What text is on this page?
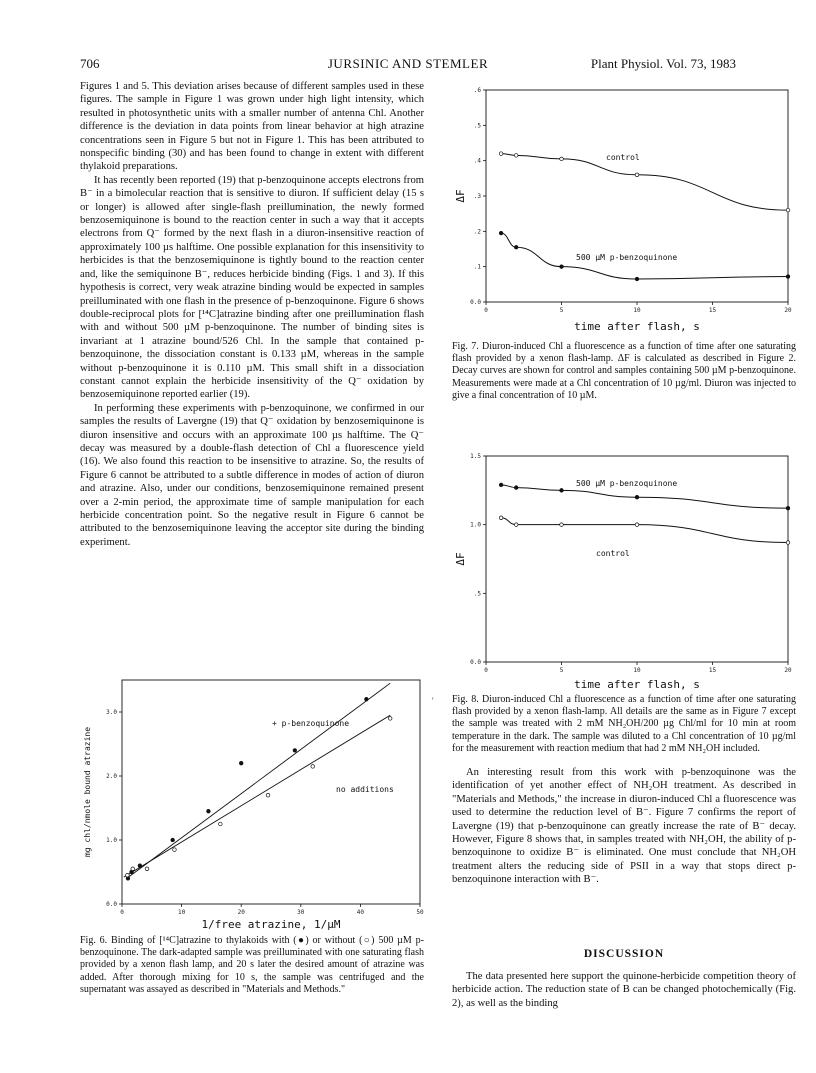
706	JURSINIC AND STEMLER	Plant Physiol. Vol. 73, 1983

Figures 1 and 5. This deviation arises because of different samples used in these figures. The sample in Figure 1 was grown under high light intensity, which resulted in photosynthetic units with a smaller number of antenna Chl. Another difference is the deviation in data points from linear behavior at high atrazine concentrations seen in Figure 5 but not in Figure 1. This has been attributed to nonspecific binding (30) and has been found to change in extent with different thylakoid preparations.

It has recently been reported (19) that p-benzoquinone accepts electrons from B⁻ in a bimolecular reaction that is sensitive to diuron. If sufficient delay (15 s or longer) is allowed after single-flash preillumination, the newly formed benzosemiquinone is bound to the reaction center in such a way that it accepts electrons from Q⁻ formed by the next flash in a diuron-insensitive reaction of approximately 100 µs halftime. One possible explanation for this insensitivity to herbicides is that the benzosemiquinone is tightly bound to the reaction center and, like the semiquinone B⁻, reduces herbicide binding (Figs. 1 and 3). If this hypothesis is correct, very weak atrazine binding would be expected in samples preilluminated with one flash in the presence of p-benzoquinone. Figure 6 shows double-reciprocal plots for [¹⁴C]atrazine binding after one preillumination flash with and without 500 µM p-benzoquinone. The number of binding sites is invariant at 1 atrazine bound/526 Chl. In the sample that contained p-benzoquinone, the dissociation constant is 0.133 µM, whereas in the sample without p-benzoquinone it is 0.110 µM. This small shift in a dissociation constant cannot explain the herbicide insensitivity of the Q⁻ oxidation by benzosemiquinone reported earlier (19).

In performing these experiments with p-benzoquinone, we confirmed in our samples the results of Lavergne (19) that Q⁻ oxidation by benzosemiquinone is diuron insensitive and occurs with an approximate 100 µs halftime. The Q⁻ decay was measured by a double-flash detection of Chl a fluorescence yield (16). We also found this reaction to be insensitive to atrazine. So, the results of Figure 6 cannot be attributed to a subtle difference in modes of action of diuron and atrazine. Also, under our conditions, benzosemiquinone remained present over a 2-min period, the approximate time of sample manipulation for each herbicide concentration point. So the negative result in Figure 6 cannot be attributed to the benzosemiquinone leaving the acceptor site during the binding experiment.

'
0	5	10	15	20
0.0
.1
.2
.3
.4
.5
.6
time after flash, s
ΔF
control
500 µM p-benzoquinone
Fig. 7. Diuron-induced Chl a fluorescence as a function of time after one saturating flash provided by a xenon flash-lamp. ΔF is calculated as described in Figure 2. Decay curves are shown for control and samples containing 500 µM p-benzoquinone. Measurements were made at a Chl concentration of 10 µg/ml. Diuron was injected to give a final concentration of 10 µM.
0	5	10	15	20
0.0
.5
1.0
1.5
time after flash, s
ΔF
500 µM p-benzoquinone
control
Fig. 8. Diuron-induced Chl a fluorescence as a function of time after one saturating flash provided by a xenon flash-lamp. All details are the same as in Figure 7 except the sample was treated with 2 mM NH₂OH/200 µg Chl/ml for 10 min at room temperature in the dark. The sample was diluted to a Chl concentration of 10 µg/ml for the measurement with reaction medium that had 2 mM NH₂OH included.
0	10	20	30	40	50
0.0
1.0
2.0
3.0
1/free atrazine, 1/µM
mg chl/nmole bound atrazine
+ p-benzoquinone
no additions
Fig. 6. Binding of [¹⁴C]atrazine to thylakoids with (●) or without (○) 500 µM p-benzoquinone. The dark-adapted sample was preilluminated with one saturating flash provided by a xenon flash lamp, and 20 s later the desired amount of atrazine was added. After thorough mixing for 10 s, the sample was centrifuged and the supernatant was assayed as described in "Materials and Methods."

An interesting result from this work with p-benzoquinone was the identification of yet another effect of NH₂OH treatment. As described in "Materials and Methods," the increase in diuron-induced Chl a fluorescence was used to determine the reduction level of B⁻. Figure 7 confirms the report of Lavergne (19) that p-benzoquinone can greatly increase the rate of B⁻ decay. However, Figure 8 shows that, in samples treated with NH₂OH, the ability of p-benzoquinone to oxidize B⁻ is eliminated. One must conclude that NH₂OH treatment alters the reducing side of PSII in a way that stops direct p-benzoquinone interaction with B⁻.

DISCUSSION

The data presented here support the quinone-herbicide competition theory of herbicide action. The reduction state of B can be changed photochemically (Fig. 2), as well as the binding
